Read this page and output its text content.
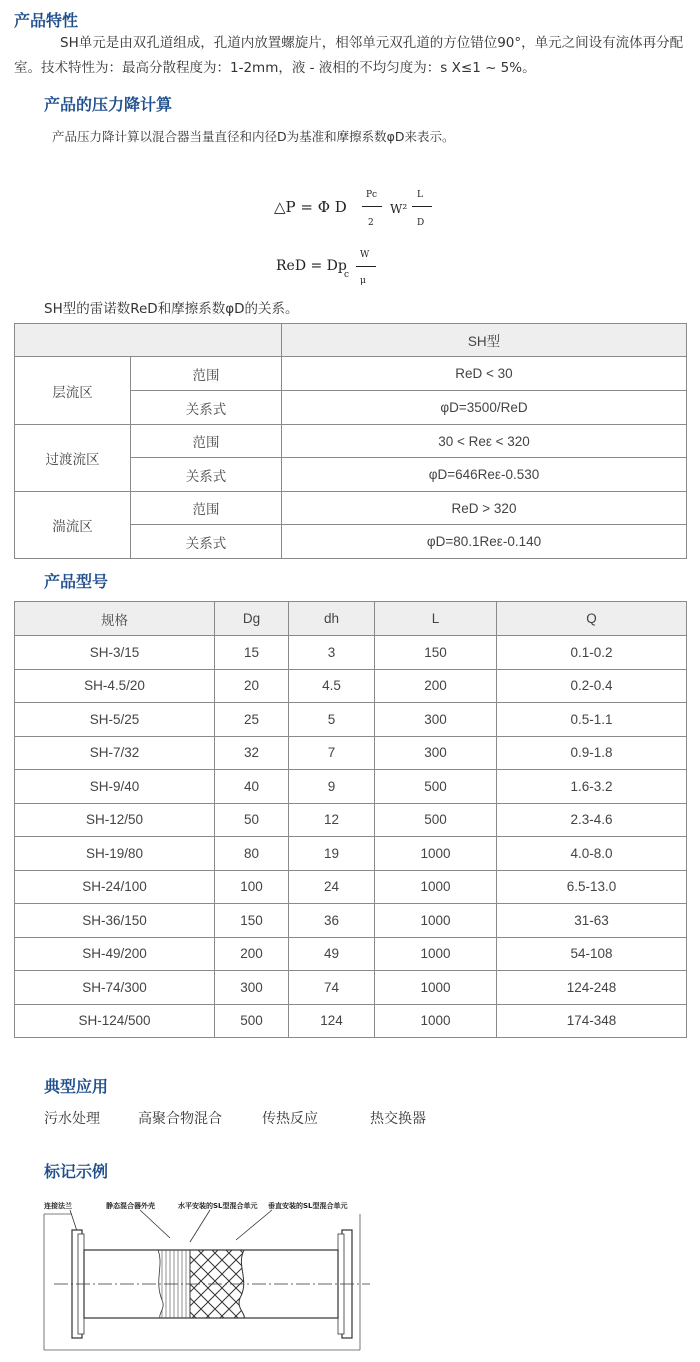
产品特性
SH单元是由双孔道组成，孔道内放置螺旋片，相邻单元双孔道的方位错位90°，单元之间设有流体再分配室。技术特性为：最高分散程度为：1-2mm，液 - 液相的不均匀度为：s X≤1 ~ 5%。
产品的压力降计算
产品压力降计算以混合器当量直径和内径D为基准和摩擦系数φD来表示。
△P = Φ D
Pc
2
W²
L
D
ReD = Dp
c
W
μ
SH型的雷诺数ReD和摩擦系数φD的关系。
		SH型
层流区	范围	ReD < 30
	关系式	φD=3500/ReD
过渡流区	范围	30 < Reε < 320
	关系式	φD=646Reε-0.530
湍流区	范围	ReD > 320
	关系式	φD=80.1Reε-0.140
产品型号
规格	Dg	dh	L	Q
SH-3/15	15	3	150	0.1-0.2
SH-4.5/20	20	4.5	200	0.2-0.4
SH-5/25	25	5	300	0.5-1.1
SH-7/32	32	7	300	0.9-1.8
SH-9/40	40	9	500	1.6-3.2
SH-12/50	50	12	500	2.3-4.6
SH-19/80	80	19	1000	4.0-8.0
SH-24/100	100	24	1000	6.5-13.0
SH-36/150	150	36	1000	31-63
SH-49/200	200	49	1000	54-108
SH-74/300	300	74	1000	124-248
SH-124/500	500	124	1000	174-348
典型应用
污水处理	高聚合物混合	传热反应	热交换器
标记示例
连接法兰	静态混合器外壳	水平安装的SL型混合单元 垂直安装的SL型混合单元
